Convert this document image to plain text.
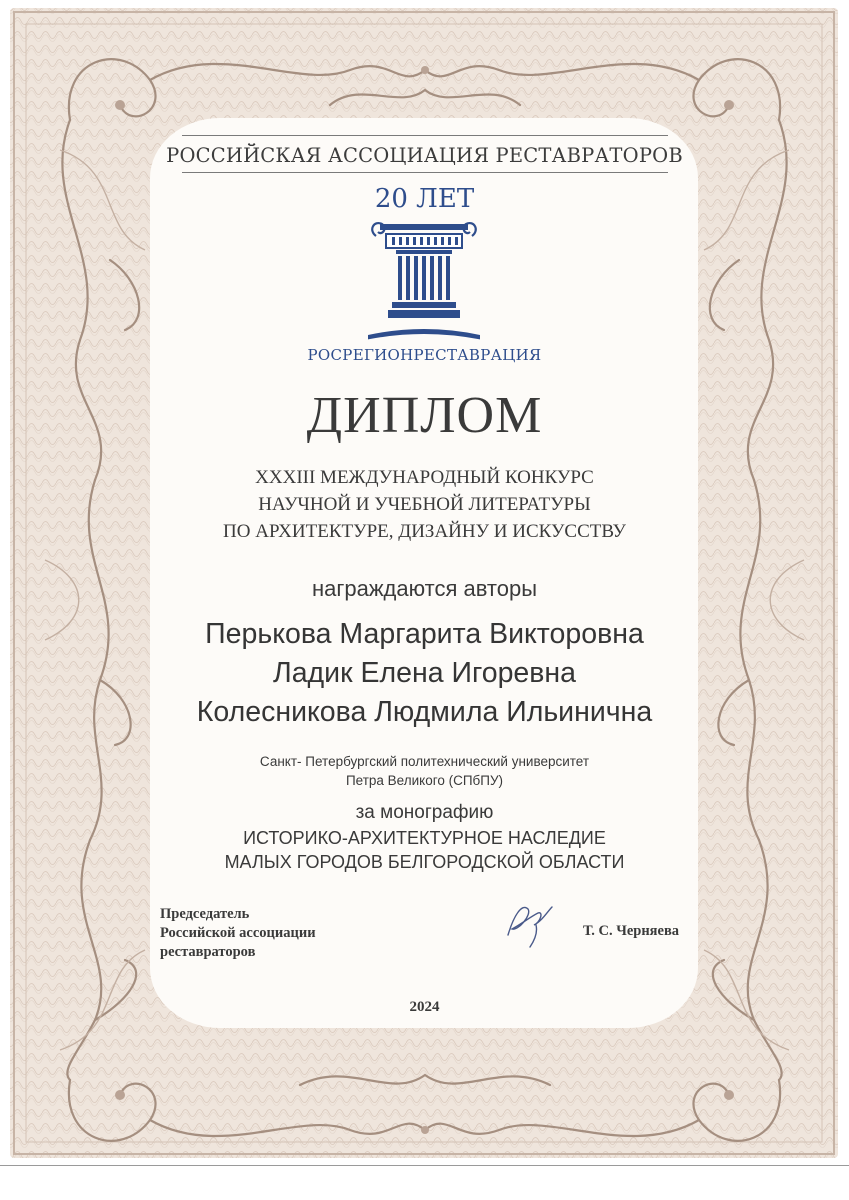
РОССИЙСКАЯ АССОЦИАЦИЯ РЕСТАВРАТОРОВ
20 ЛЕТ
РОСРЕГИОНРЕСТАВРАЦИЯ
ДИПЛОМ
XXXIII МЕЖДУНАРОДНЫЙ КОНКУРС
НАУЧНОЙ И УЧЕБНОЙ ЛИТЕРАТУРЫ
ПО АРХИТЕКТУРЕ, ДИЗАЙНУ И ИСКУССТВУ
награждаются авторы
Перькова Маргарита Викторовна
Ладик Елена Игоревна
Колесникова Людмила Ильинична
Санкт- Петербургский политехнический университет
Петра Великого (СПбПУ)
за монографию
ИСТОРИКО-АРХИТЕКТУРНОЕ НАСЛЕДИЕ
МАЛЫХ ГОРОДОВ БЕЛГОРОДСКОЙ ОБЛАСТИ
Председатель
Российской ассоциации
реставраторов
Т. С. Черняева
2024
